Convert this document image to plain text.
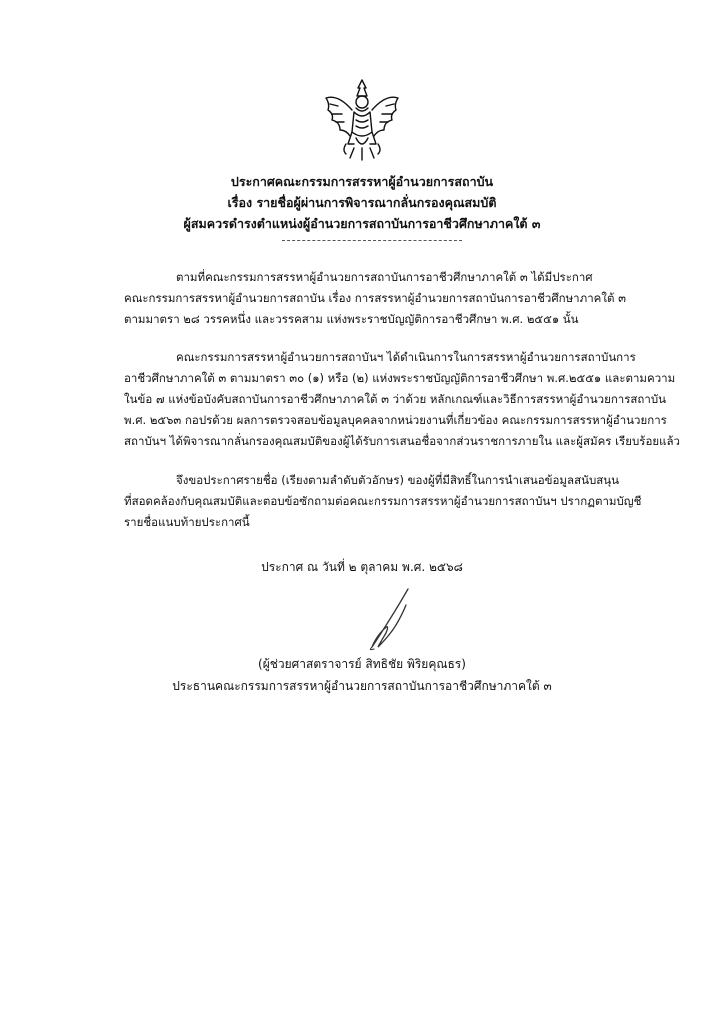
ประกาศคณะกรรมการสรรหาผู้อำนวยการสถาบัน
เรื่อง รายชื่อผู้ผ่านการพิจารณากลั่นกรองคุณสมบัติ
ผู้สมควรดำรงตำแหน่งผู้อำนวยการสถาบันการอาชีวศึกษาภาคใต้ ๓
ตามที่คณะกรรมการสรรหาผู้อำนวยการสถาบันการอาชีวศึกษาภาคใต้ ๓ ได้มีประกาศ
คณะกรรมการสรรหาผู้อำนวยการสถาบัน เรื่อง การสรรหาผู้อำนวยการสถาบันการอาชีวศึกษาภาคใต้ ๓
ตามมาตรา ๒๘ วรรคหนึ่ง และวรรคสาม แห่งพระราชบัญญัติการอาชีวศึกษา พ.ศ. ๒๕๕๑ นั้น
คณะกรรมการสรรหาผู้อำนวยการสถาบันฯ ได้ดำเนินการในการสรรหาผู้อำนวยการสถาบันการ
อาชีวศึกษาภาคใต้ ๓ ตามมาตรา ๓๐ (๑) หรือ (๒) แห่งพระราชบัญญัติการอาชีวศึกษา พ.ศ.๒๕๕๑ และตามความ
ในข้อ ๗ แห่งข้อบังคับสถาบันการอาชีวศึกษาภาคใต้ ๓ ว่าด้วย หลักเกณฑ์และวิธีการสรรหาผู้อำนวยการสถาบัน
พ.ศ. ๒๕๖๓ กอปรด้วย ผลการตรวจสอบข้อมูลบุคคลจากหน่วยงานที่เกี่ยวข้อง คณะกรรมการสรรหาผู้อำนวยการ
สถาบันฯ ได้พิจารณากลั่นกรองคุณสมบัติของผู้ได้รับการเสนอชื่อจากส่วนราชการภายใน และผู้สมัคร เรียบร้อยแล้ว
จึงขอประกาศรายชื่อ (เรียงตามลำดับตัวอักษร) ของผู้ที่มีสิทธิ์ในการนำเสนอข้อมูลสนับสนุน
ที่สอดคล้องกับคุณสมบัติและตอบข้อซักถามต่อคณะกรรมการสรรหาผู้อำนวยการสถาบันฯ ปรากฏตามบัญชี
รายชื่อแนบท้ายประกาศนี้
ประกาศ ณ วันที่ ๒ ตุลาคม พ.ศ. ๒๕๖๘
(ผู้ช่วยศาสตราจารย์ สิทธิชัย พิริยคุณธร)
ประธานคณะกรรมการสรรหาผู้อำนวยการสถาบันการอาชีวศึกษาภาคใต้ ๓
